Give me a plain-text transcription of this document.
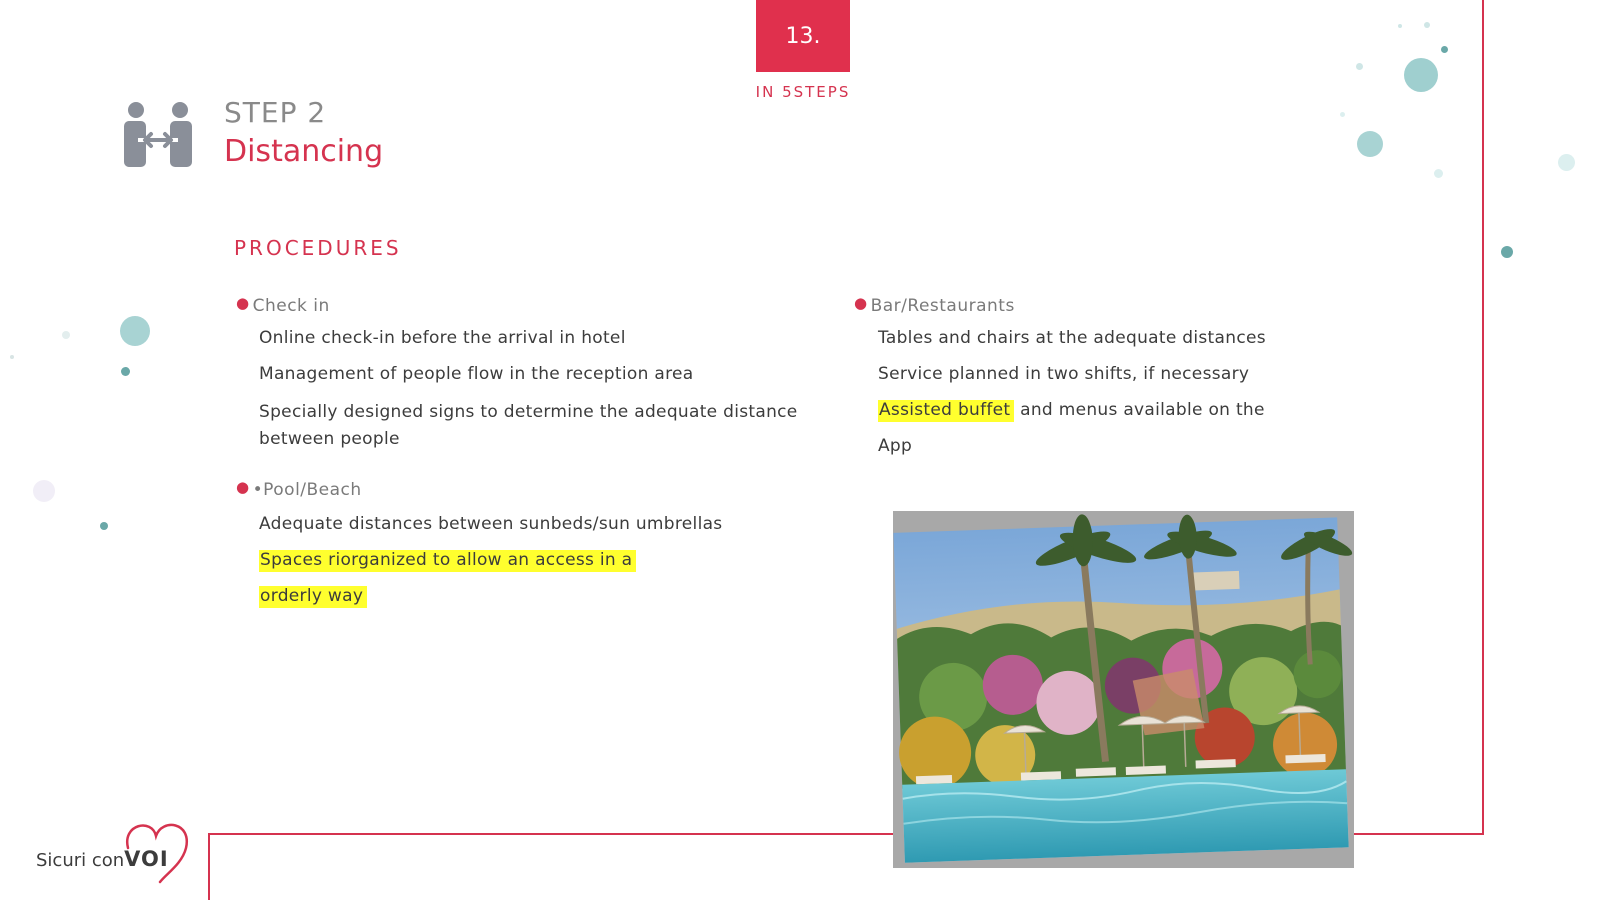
13.
IN 5STEPS
STEP 2
Distancing
PROCEDURES
● Check in
Online check-in before the arrival in hotel
Management of people flow in the reception area
Specially designed signs to determine the adequate distance
between people
● •Pool/Beach
Adequate distances between sunbeds/sun umbrellas
Spaces riorganized to allow an access in a
orderly way
● Bar/Restaurants
Tables and chairs at the adequate distances
Service planned in two shifts, if necessary
Assisted buffet and menus available on the
App
Sicuri conVOI
